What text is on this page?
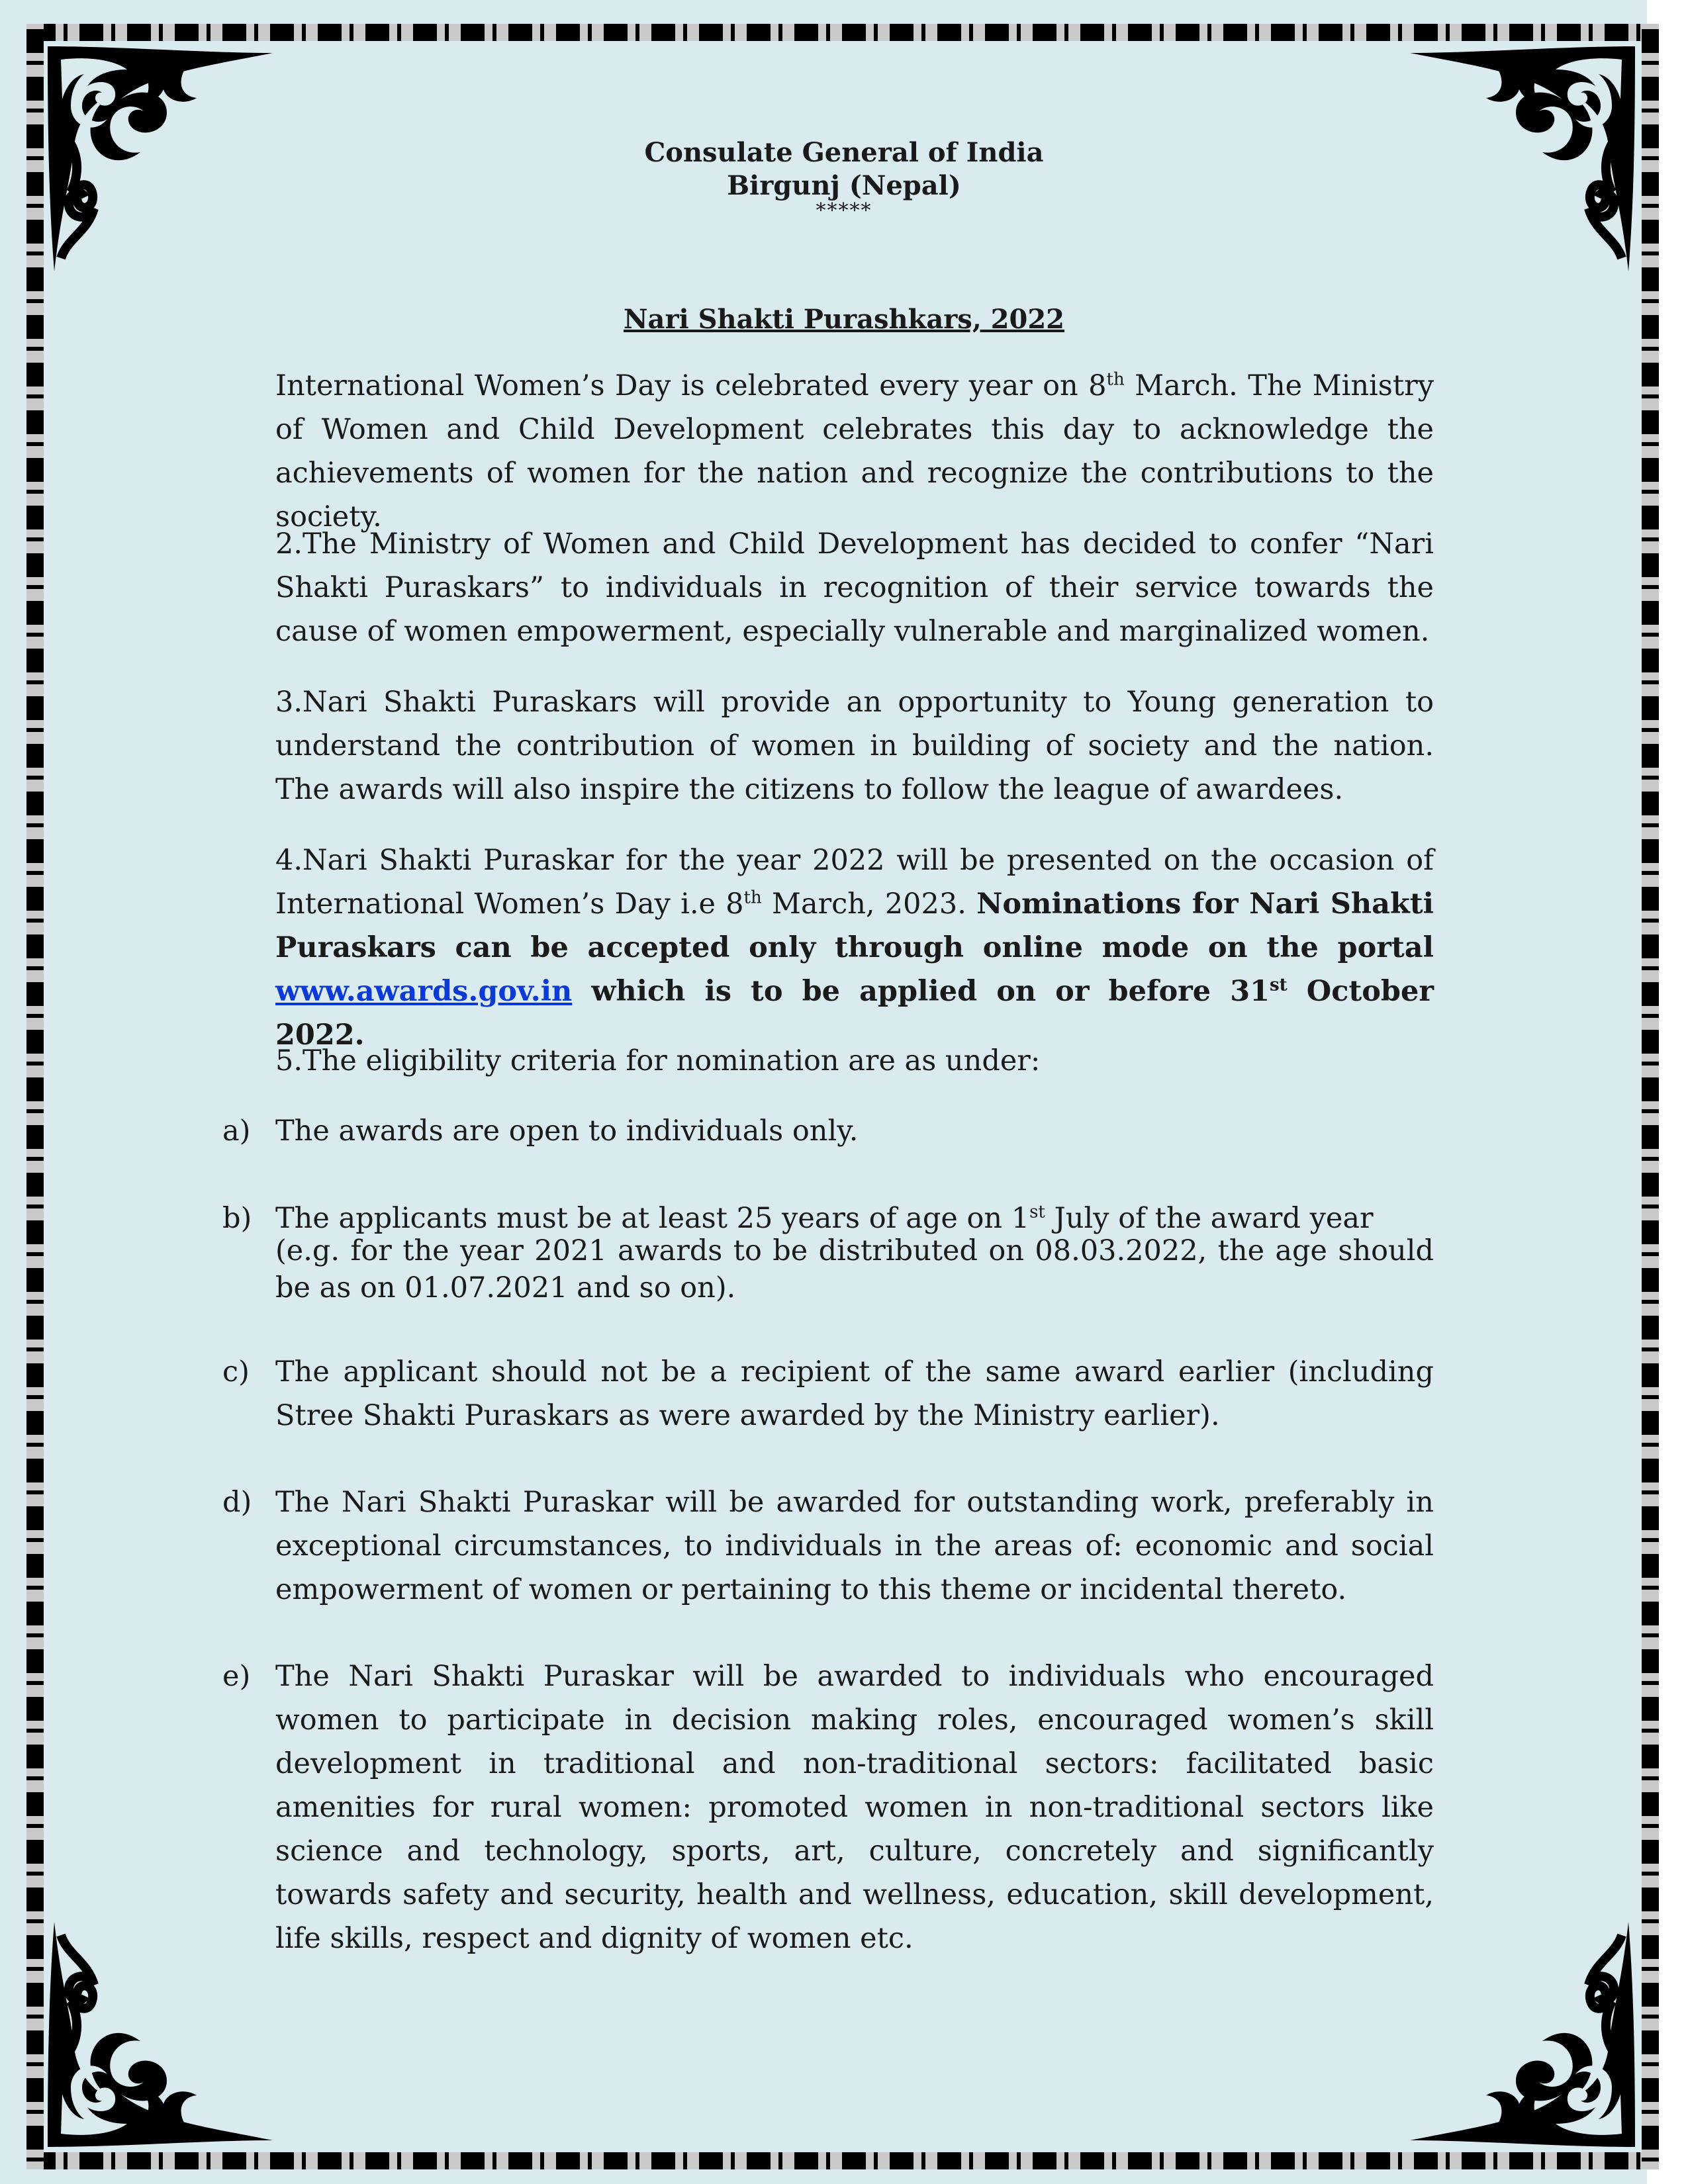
Consulate General of India
Birgunj (Nepal)
*****
Nari Shakti Purashkars, 2022
International Women’s Day is celebrated every year on 8th March. The Ministry of Women and Child Development celebrates this day to acknowledge the achievements of women for the nation and recognize the contributions to the society.
2.The Ministry of Women and Child Development has decided to confer “Nari Shakti Puraskars” to individuals in recognition of their service towards the cause of women empowerment, especially vulnerable and marginalized women.
3.Nari Shakti Puraskars will provide an opportunity to Young generation to understand the contribution of women in building of society and the nation. The awards will also inspire the citizens to follow the league of awardees.
4.Nari Shakti Puraskar for the year 2022 will be presented on the occasion of International Women’s Day i.e 8th March, 2023. Nominations for Nari Shakti Puraskars can be accepted only through online mode on the portal www.awards.gov.in which is to be applied on or before 31st October 2022.
5.The eligibility criteria for nomination are as under:
a) The awards are open to individuals only.
b) The applicants must be at least 25 years of age on 1st July of the award year
(e.g. for the year 2021 awards to be distributed on 08.03.2022, the age should be as on 01.07.2021 and so on).
c) The applicant should not be a recipient of the same award earlier (including Stree Shakti Puraskars as were awarded by the Ministry earlier).
d) The Nari Shakti Puraskar will be awarded for outstanding work, preferably in exceptional circumstances, to individuals in the areas of: economic and social empowerment of women or pertaining to this theme or incidental thereto.
e) The Nari Shakti Puraskar will be awarded to individuals who encouraged women to participate in decision making roles, encouraged women’s skill development in traditional and non-traditional sectors: facilitated basic amenities for rural women: promoted women in non-traditional sectors like science and technology, sports, art, culture, concretely and significantly towards safety and security, health and wellness, education, skill development, life skills, respect and dignity of women etc.
